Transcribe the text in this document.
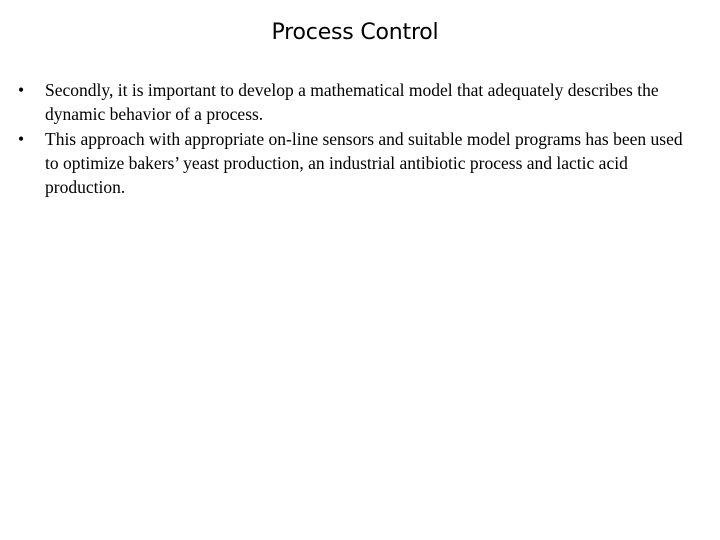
Process Control
• Secondly, it is important to develop a mathematical model that adequately describes the dynamic behavior of a process.
• This approach with appropriate on-line sensors and suitable model programs has been used to optimize bakers’ yeast production, an industrial antibiotic process and lactic acid production.
